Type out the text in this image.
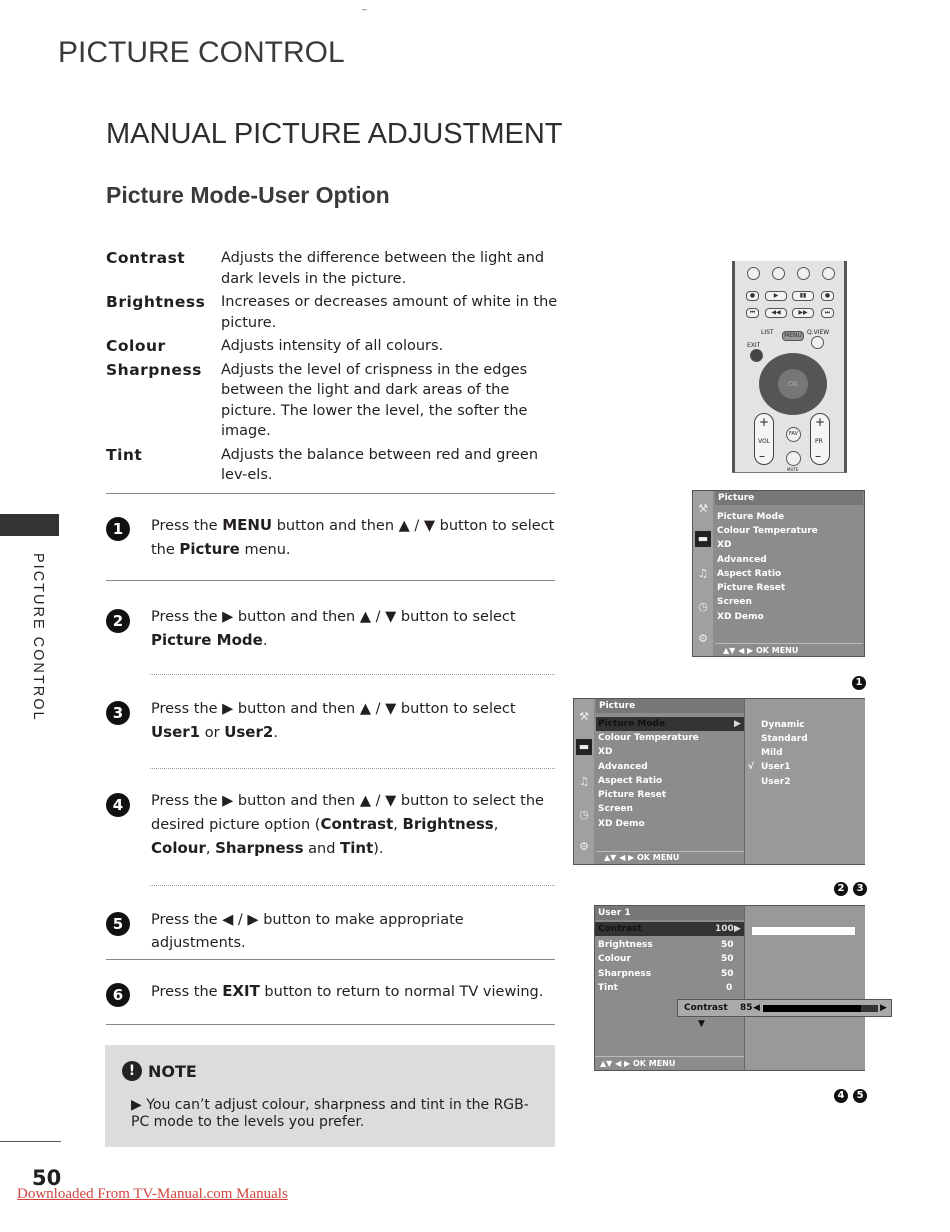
_
PICTURE CONTROL
MANUAL PICTURE ADJUSTMENT
Picture Mode-User Option
Contrast	Adjusts the difference between the light and dark levels in the picture.
Brightness	Increases or decreases amount of white in the picture.
Colour	Adjusts intensity of all colours.
Sharpness	Adjusts the level of crispness in the edges between the light and dark areas of the picture. The lower the level, the softer the image.
Tint	Adjusts the balance between red and green lev-els.
1	Press the MENU button and then ▲ / ▼ button to select the Picture menu.
2	Press the ▶ button and then ▲ / ▼ button to select Picture Mode.
3	Press the ▶ button and then ▲ / ▼ button to select User1 or User2.
4	Press the ▶ button and then ▲ / ▼ button to select the desired picture option (Contrast, Brightness, Colour, Sharpness and Tint).
5	Press the ◀ / ▶ button to make appropriate adjustments.
6	Press the EXIT button to return to normal TV viewing.
! NOTE
▶ You can’t adjust colour, sharpness and tint in the RGB-PC mode to the levels you prefer.
PICTURE CONTROL
50
Downloaded From TV-Manual.com Manuals
●	▶	▮▮	●
⏮	◀◀	▶▶	⏭
LIST	MENU Q.VIEW
EXIT
OK
+
VOL
–
+
PR
–
FAV
MUTE
⚒
▬
♫
◷
⚙
Picture
Picture Mode
Colour Temperature
XD
Advanced
Aspect Ratio
Picture Reset
Screen
XD Demo
▲▼ ◀ ▶ OK MENU
1
⚒
▬
♫
◷
⚙
Picture
Picture Mode	▶
Colour Temperature
XD
Advanced
Aspect Ratio
Picture Reset
Screen
XD Demo
▲▼ ◀ ▶ OK MENU
Dynamic
Standard
Mild
√ User1
User2
2 3
User 1
Contrast	100 ▶
Brightness	50
Colour	50
Sharpness	50
Tint	0
▼
▲▼ ◀ ▶ OK MENU
Contrast 85 ◀	▶
4 5
